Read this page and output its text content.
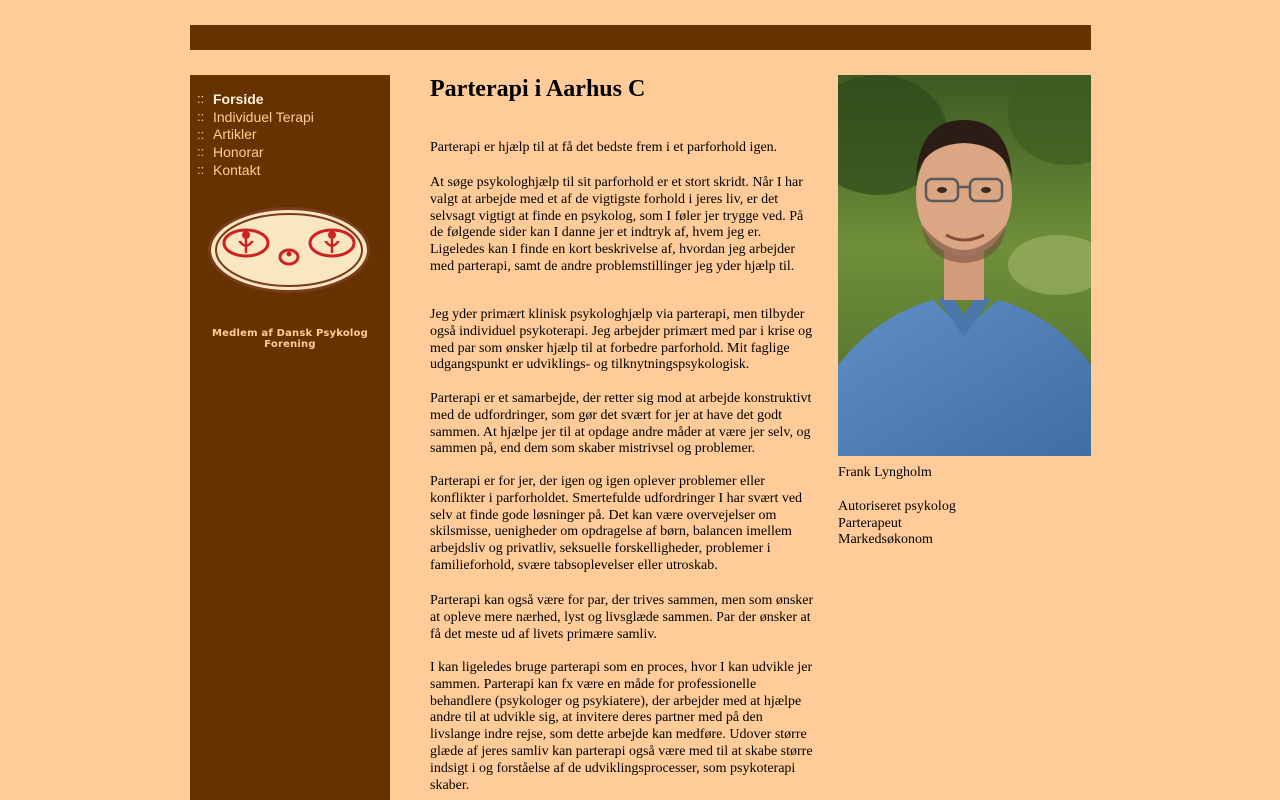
:: Forside
:: Individuel Terapi
:: Artikler
:: Honorar
:: Kontakt
Medlem af Dansk Psykolog Forening
Parterapi i Aarhus C

Parterapi er hjælp til at få det bedste frem i et parforhold igen.

At søge psykologhjælp til sit parforhold er et stort skridt. Når I har valgt at arbejde med et af de vigtigste forhold i jeres liv, er det selvsagt vigtigt at finde en psykolog, som I føler jer trygge ved. På de følgende sider kan I danne jer et indtryk af, hvem jeg er. Ligeledes kan I finde en kort beskrivelse af, hvordan jeg arbejder med parterapi, samt de andre problemstillinger jeg yder hjælp til.

Jeg yder primært klinisk psykologhjælp via parterapi, men tilbyder også individuel psykoterapi. Jeg arbejder primært med par i krise og med par som ønsker hjælp til at forbedre parforhold. Mit faglige udgangspunkt er udviklings- og tilknytningspsykologisk.

Parterapi er et samarbejde, der retter sig mod at arbejde konstruktivt med de udfordringer, som gør det svært for jer at have det godt sammen. At hjælpe jer til at opdage andre måder at være jer selv, og sammen på, end dem som skaber mistrivsel og problemer.

Parterapi er for jer, der igen og igen oplever problemer eller konflikter i parforholdet. Smertefulde udfordringer I har svært ved selv at finde gode løsninger på. Det kan være overvejelser om skilsmisse, uenigheder om opdragelse af børn, balancen imellem arbejdsliv og privatliv, seksuelle forskelligheder, problemer i familieforhold, svære tabsoplevelser eller utroskab.

Parterapi kan også være for par, der trives sammen, men som ønsker at opleve mere nærhed, lyst og livsglæde sammen. Par der ønsker at få det meste ud af livets primære samliv.

I kan ligeledes bruge parterapi som en proces, hvor I kan udvikle jer sammen. Parterapi kan fx være en måde for professionelle behandlere (psykologer og psykiatere), der arbejder med at hjælpe andre til at udvikle sig, at invitere deres partner med på den livslange indre rejse, som dette arbejde kan medføre. Udover større glæde af jeres samliv kan parterapi også være med til at skabe større indsigt i og forståelse af de udviklingsprocesser, som psykoterapi skaber.

Frank Lyngholm
Autoriseret psykolog
Parterapeut
Markedsøkonom
